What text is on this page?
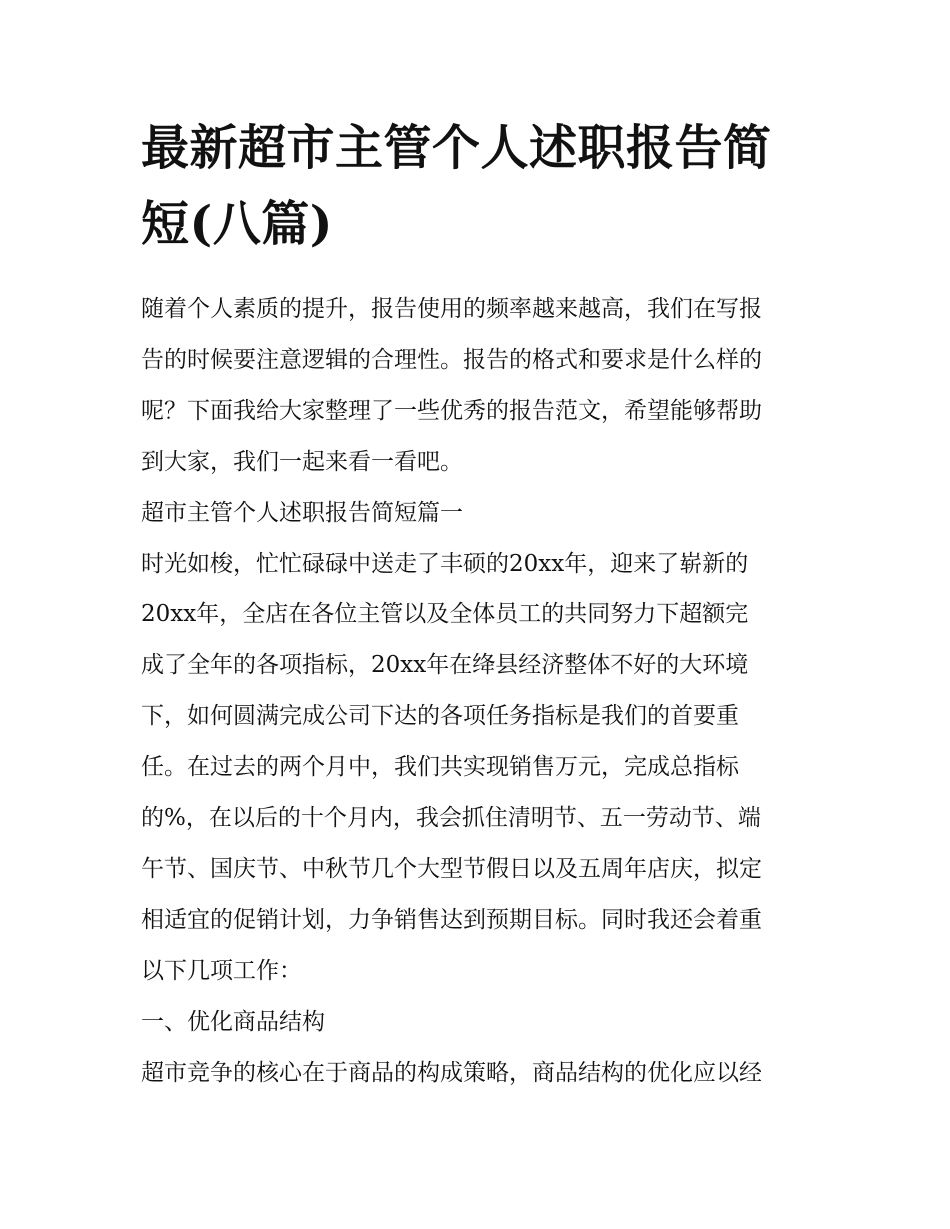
最新超市主管个人述职报告简
短(八篇)
随着个人素质的提升，报告使用的频率越来越高，我们在写报
告的时候要注意逻辑的合理性。报告的格式和要求是什么样的
呢？下面我给大家整理了一些优秀的报告范文，希望能够帮助
到大家，我们一起来看一看吧。
超市主管个人述职报告简短篇一
时光如梭，忙忙碌碌中送走了丰硕的20xx年，迎来了崭新的
20xx年，全店在各位主管以及全体员工的共同努力下超额完
成了全年的各项指标，20xx年在绛县经济整体不好的大环境
下，如何圆满完成公司下达的各项任务指标是我们的首要重
任。在过去的两个月中，我们共实现销售万元，完成总指标
的%，在以后的十个月内，我会抓住清明节、五一劳动节、端
午节、国庆节、中秋节几个大型节假日以及五周年店庆，拟定
相适宜的促销计划，力争销售达到预期目标。同时我还会着重
以下几项工作：
一、优化商品结构
超市竞争的核心在于商品的构成策略，商品结构的优化应以经
